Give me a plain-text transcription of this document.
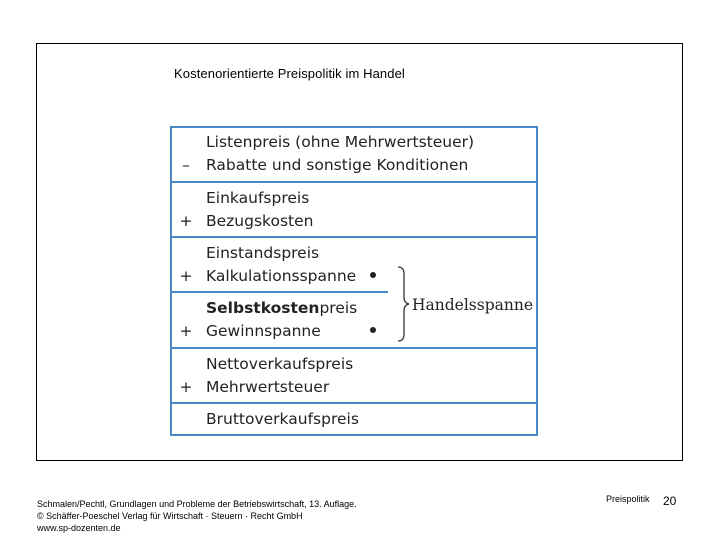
Kostenorientierte Preispolitik im Handel
Listenpreis (ohne Mehrwertsteuer)
– Rabatte und sonstige Konditionen
Einkaufspreis
+ Bezugskosten
Einstandspreis
+ Kalkulationsspanne
Selbstkostenpreis
+ Gewinnspanne
Handelsspanne
Nettoverkaufspreis
+ Mehrwertsteuer
Bruttoverkaufspreis
Schmalen/Pechtl, Grundlagen und Probleme der Betriebswirtschaft, 13. Auflage.
© Schäffer-Poeschel Verlag für Wirtschaft · Steuern · Recht GmbH
www.sp-dozenten.de
Preispolitik 20
